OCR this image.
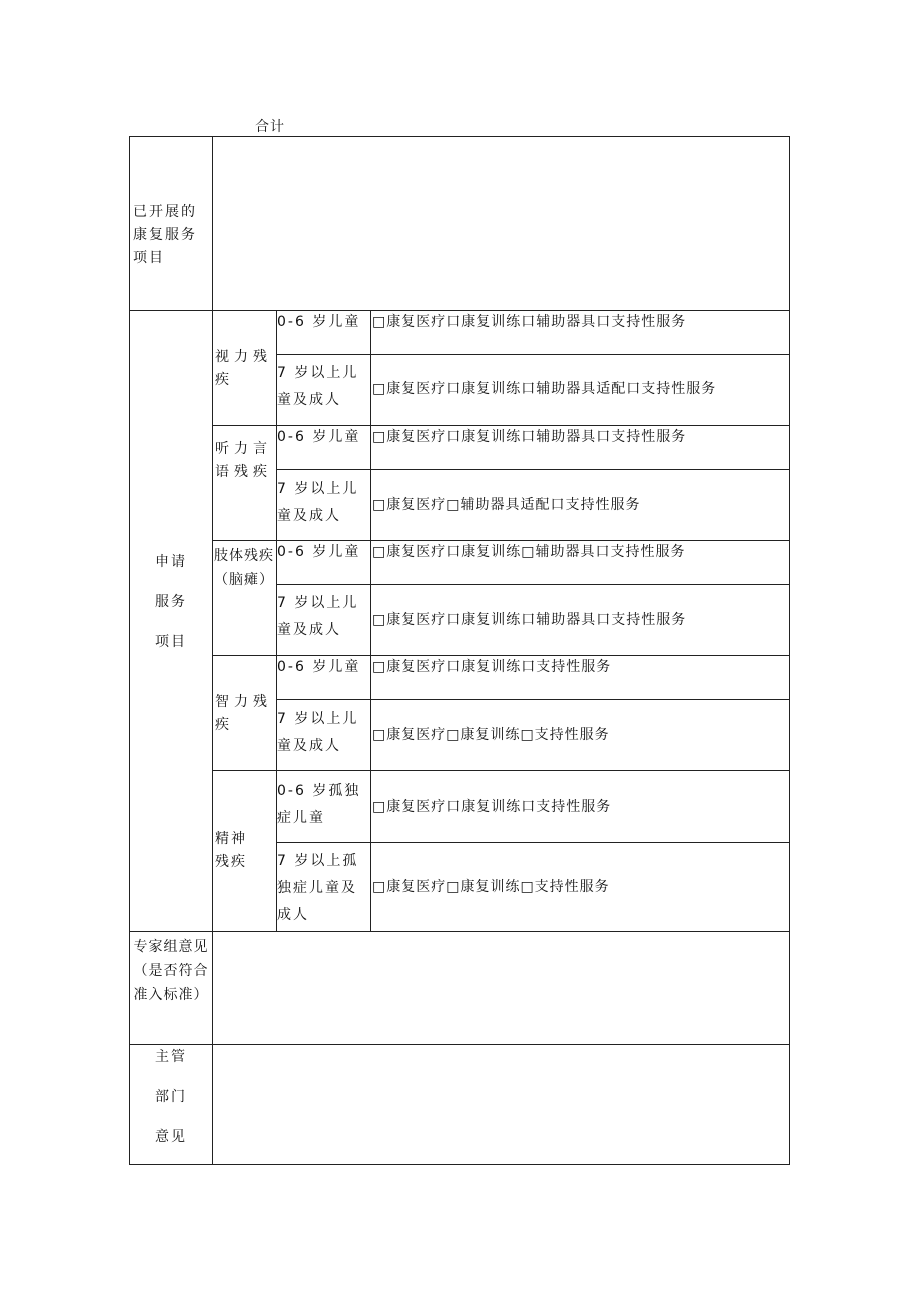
合计
已开展的康复服务项目
申请
服务
项目
视力残疾
听力言语残疾
肢体残疾（脑瘫）
智力残疾
精神残疾
0-6 岁儿童
7 岁以上儿童及成人
0-6 岁儿童
7 岁以上儿童及成人
0-6 岁儿童
7 岁以上儿童及成人
0-6 岁儿童
7 岁以上儿童及成人
0-6 岁孤独症儿童
7 岁以上孤独症儿童及成人
□康复医疗口康复训练口辅助器具口支持性服务
□康复医疗口康复训练口辅助器具适配口支持性服务
□康复医疗口康复训练口辅助器具口支持性服务
□康复医疗□辅助器具适配口支持性服务
□康复医疗口康复训练□辅助器具口支持性服务
□康复医疗口康复训练口辅助器具口支持性服务
□康复医疗口康复训练口支持性服务
□康复医疗□康复训练□支持性服务
□康复医疗口康复训练口支持性服务
□康复医疗□康复训练□支持性服务
专家组意见（是否符合准入标准）
主管
部门
意见
